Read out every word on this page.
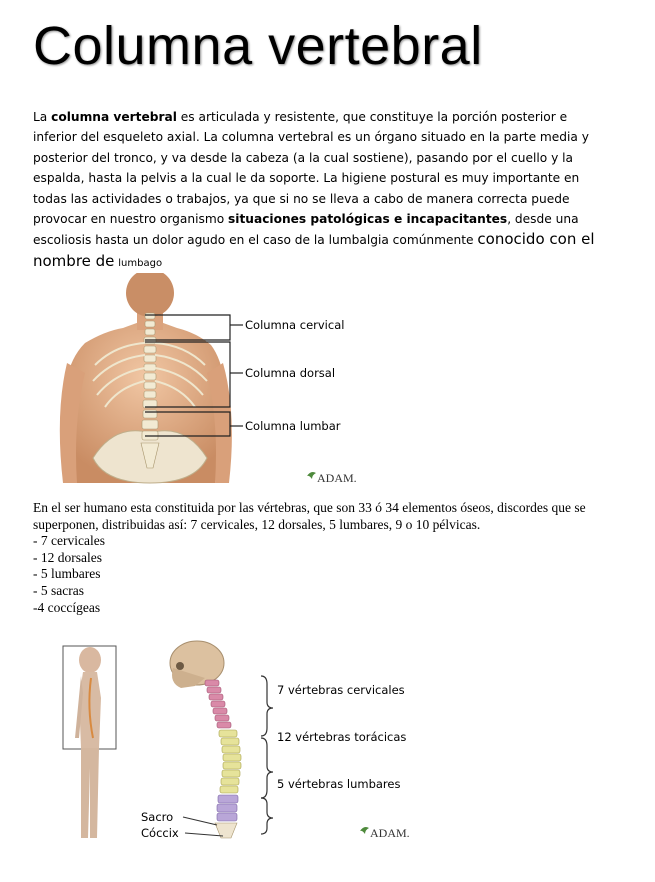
Columna vertebral
La columna vertebral es articulada y resistente, que constituye la porción posterior e inferior del esqueleto axial. La columna vertebral es un órgano situado en la parte media y posterior del tronco, y va desde la cabeza (a la cual sostiene), pasando por el cuello y la espalda, hasta la pelvis a la cual le da soporte. La higiene postural es muy importante en todas las actividades o trabajos, ya que si no se lleva a cabo de manera correcta puede provocar en nuestro organismo situaciones patológicas e incapacitantes, desde una escoliosis hasta un dolor agudo en el caso de la lumbalgia comúnmente conocido con el nombre de lumbago
Columna cervical
Columna dorsal
Columna lumbar
ADAM.
En el ser humano esta constituida por las vértebras, que son 33 ó 34 elementos óseos, discordes que se superponen, distribuidas así: 7 cervicales, 12 dorsales, 5 lumbares, 9 o 10 pélvicas.
- 7 cervicales
- 12 dorsales
- 5 lumbares
- 5 sacras
-4 coccígeas
7 vértebras cervicales
12 vértebras torácicas
5 vértebras lumbares
Sacro
Cóccix	ADAM.
